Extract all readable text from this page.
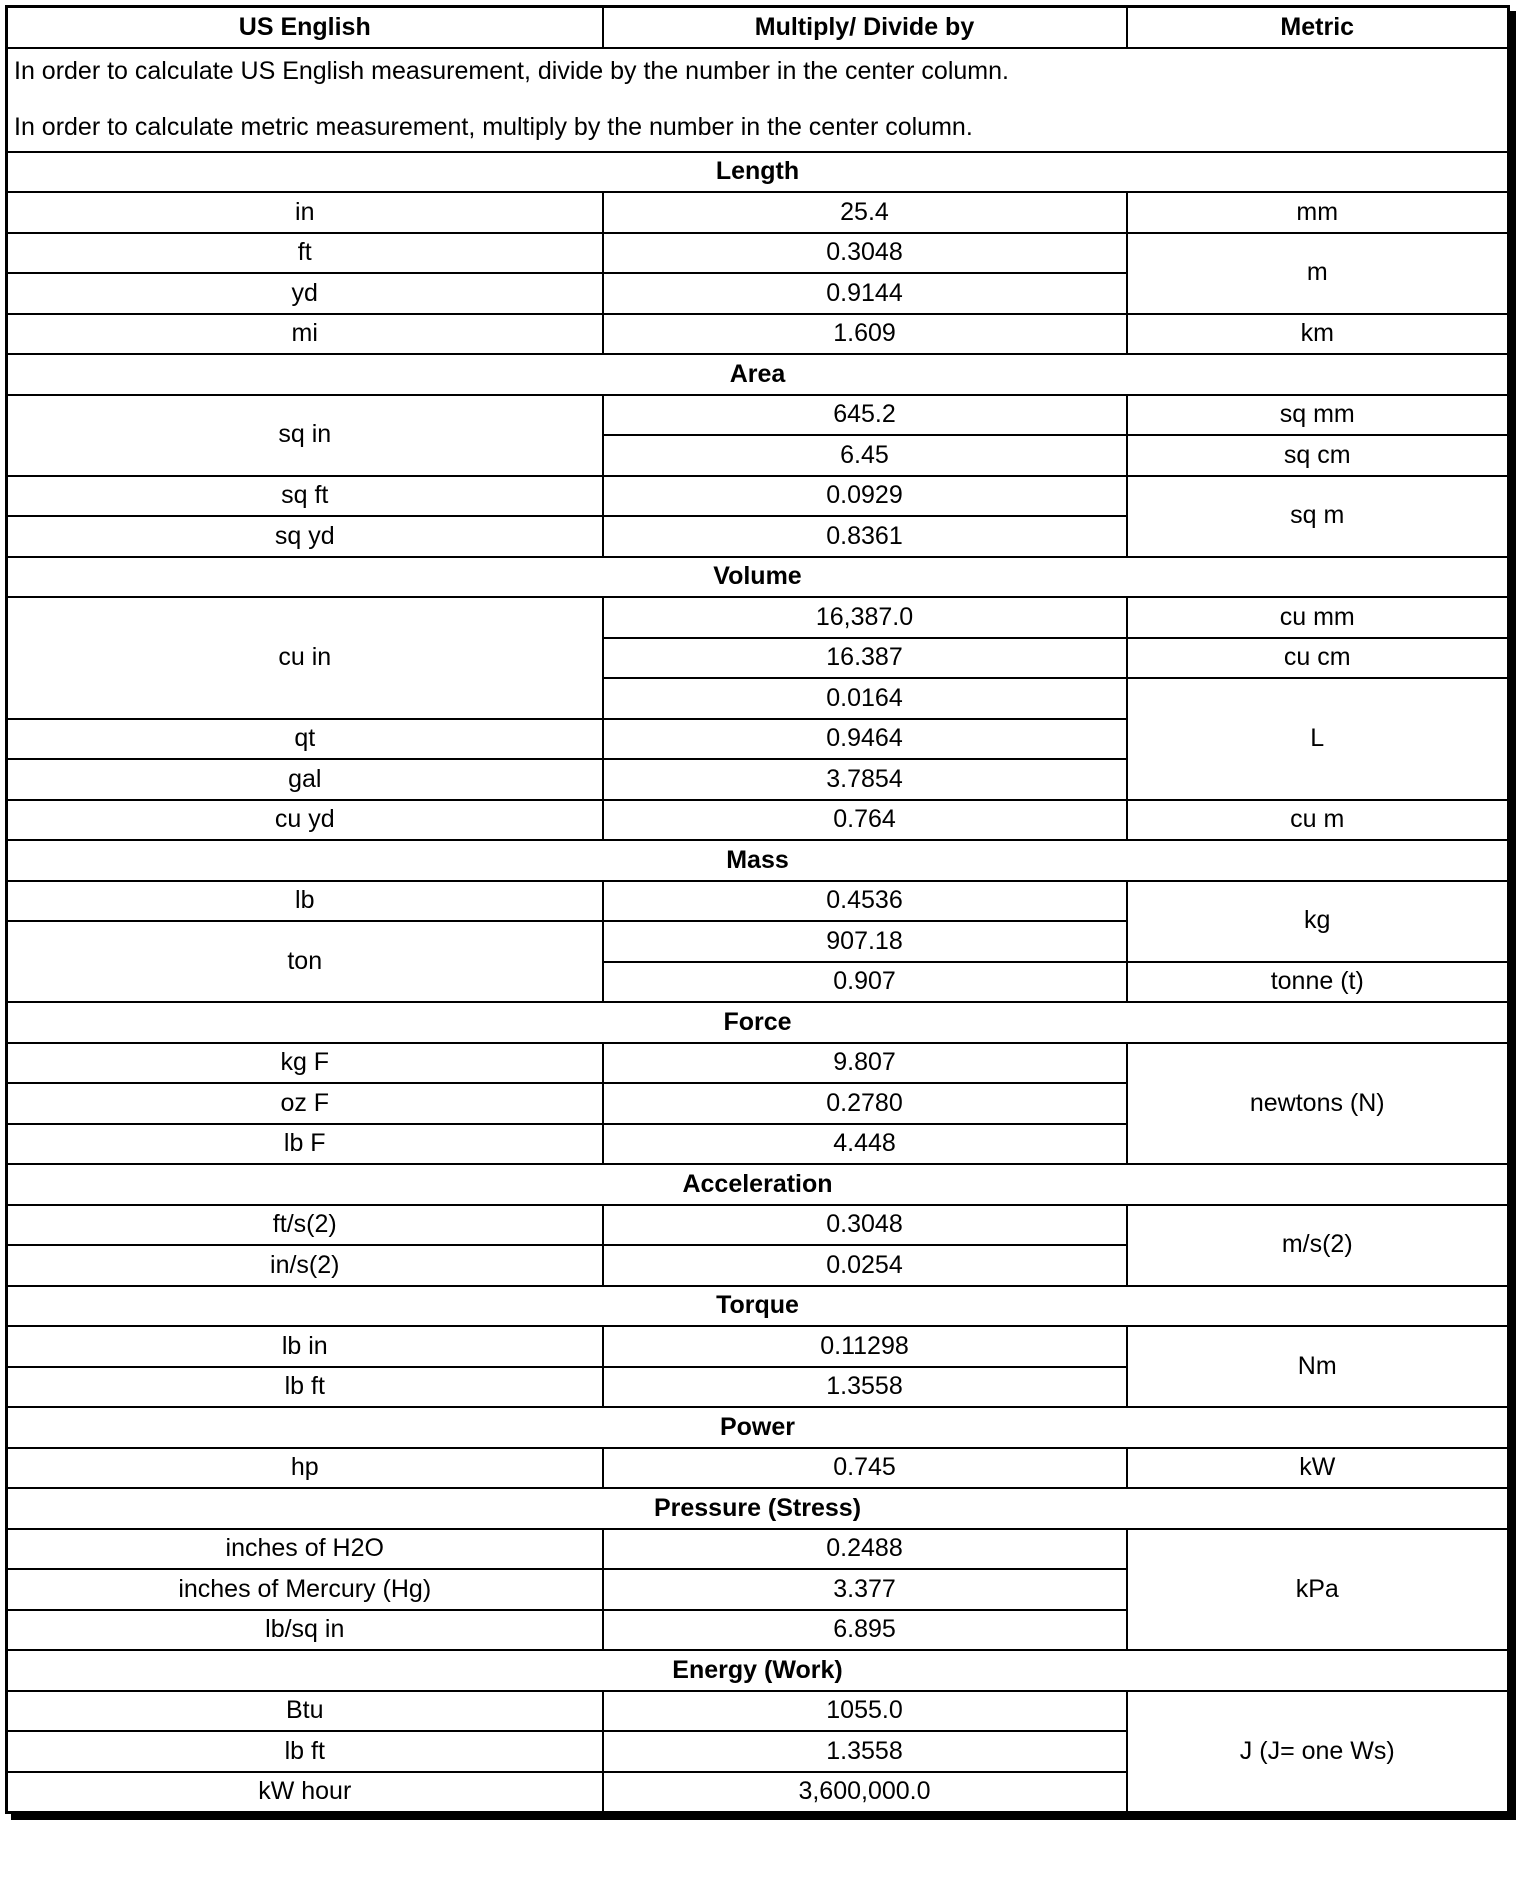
US English	Multiply/ Divide by	Metric

In order to calculate US English measurement, divide by the number in the center column.

In order to calculate metric measurement, multiply by the number in the center column.		

Length		
in	25.4	mm
ft	0.3048	m
yd	0.9144	
mi	1.609	km
Area		
sq in	645.2	sq mm
	6.45	sq cm
sq ft	0.0929	sq m
sq yd	0.8361	
Volume		
cu in	16,387.0	cu mm
	16.387	cu cm
	0.0164	L
qt	0.9464	
gal	3.7854	
cu yd	0.764	cu m
Mass		
lb	0.4536	kg
ton	907.18	
	0.907	tonne (t)
Force		
kg F	9.807	newtons (N)
oz F	0.2780	
lb F	4.448	
Acceleration		
ft/s(2)	0.3048	m/s(2)
in/s(2)	0.0254	
Torque		
lb in	0.11298	Nm
lb ft	1.3558	
Power		
hp	0.745	kW
Pressure (Stress)		
inches of H2O	0.2488	kPa
inches of Mercury (Hg)	3.377	
lb/sq in	6.895	
Energy (Work)		
Btu	1055.0	J (J= one Ws)
lb ft	1.3558	
kW hour	3,600,000.0	
